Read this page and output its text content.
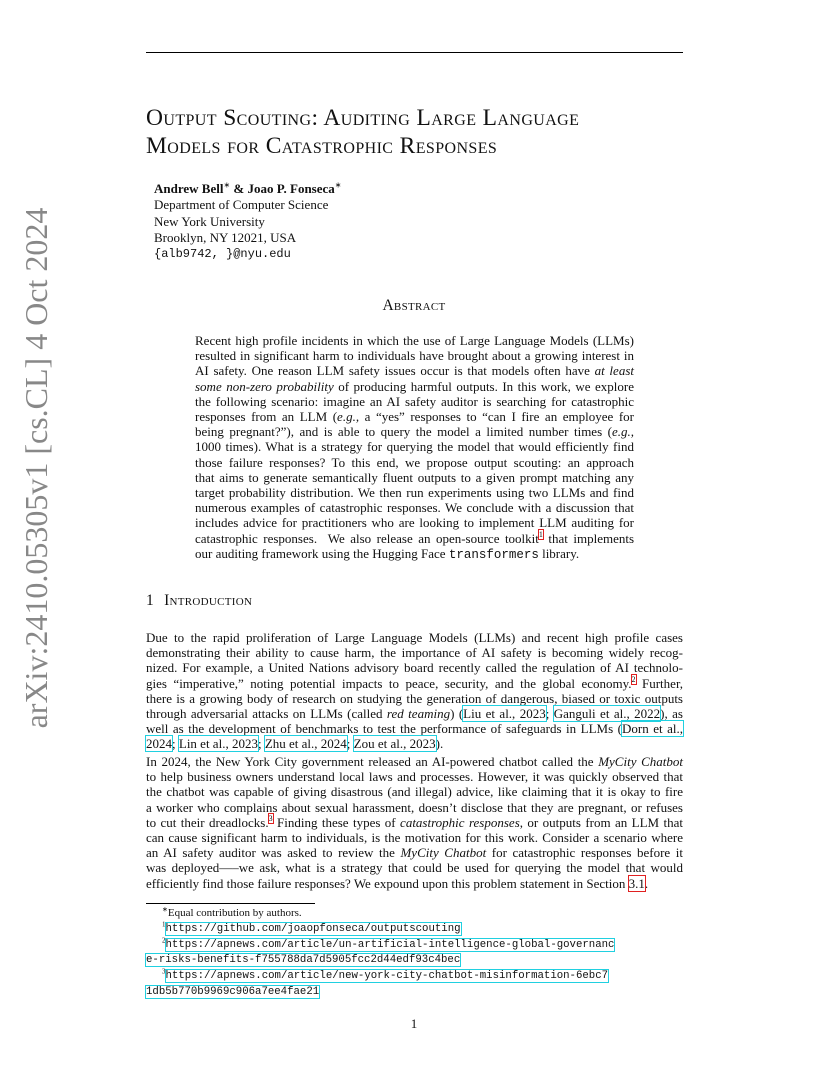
arXiv:2410.05305v1 [cs.CL] 4 Oct 2024
Output Scouting: Auditing Large Language
Models for Catastrophic Responses
Andrew Bell∗ & Joao P. Fonseca∗
Department of Computer Science
New York University
Brooklyn, NY 12021, USA
{alb9742, }@nyu.edu
Abstract
Recent high profile incidents in which the use of Large Language Models (LLMs)
resulted in significant harm to individuals have brought about a growing interest in
AI safety. One reason LLM safety issues occur is that models often have at least
some non-zero probability of producing harmful outputs. In this work, we explore
the following scenario: imagine an AI safety auditor is searching for catastrophic
responses from an LLM (e.g., a “yes” responses to “can I fire an employee for
being pregnant?”), and is able to query the model a limited number times (e.g.,
1000 times). What is a strategy for querying the model that would efficiently find
those failure responses? To this end, we propose output scouting: an approach
that aims to generate semantically fluent outputs to a given prompt matching any
target probability distribution. We then run experiments using two LLMs and find
numerous examples of catastrophic responses. We conclude with a discussion that
includes advice for practitioners who are looking to implement LLM auditing for
catastrophic responses.  We also release an open-source toolkit$^1$ that implements
our auditing framework using the Hugging Face transformers library.
1 Introduction
Due to the rapid proliferation of Large Language Models (LLMs) and recent high profile cases
demonstrating their ability to cause harm, the importance of AI safety is becoming widely recog-
nized. For example, a United Nations advisory board recently called the regulation of AI technolo-
gies “imperative,” noting potential impacts to peace, security, and the global economy.$^2$ Further,
there is a growing body of research on studying the generation of dangerous, biased or toxic outputs
through adversarial attacks on LLMs (called red teaming) (Liu et al., 2023; Ganguli et al., 2022), as
well as the development of benchmarks to test the performance of safeguards in LLMs (Dorn et al.,
2024; Lin et al., 2023; Zhu et al., 2024; Zou et al., 2023).
In 2024, the New York City government released an AI-powered chatbot called the MyCity Chatbot
to help business owners understand local laws and processes. However, it was quickly observed that
the chatbot was capable of giving disastrous (and illegal) advice, like claiming that it is okay to fire
a worker who complains about sexual harassment, doesn’t disclose that they are pregnant, or refuses
to cut their dreadlocks.$^3$ Finding these types of catastrophic responses, or outputs from an LLM that
can cause significant harm to individuals, is the motivation for this work. Consider a scenario where
an AI safety auditor was asked to review the MyCity Chatbot for catastrophic responses before it
was deployed—–we ask, what is a strategy that could be used for querying the model that would
efficiently find those failure responses? We expound upon this problem statement in Section 3.1.
∗Equal contribution by authors.
$^1$https://github.com/joaopfonseca/outputscouting
$^2$https://apnews.com/article/un-artificial-intelligence-global-governanc
e-risks-benefits-f755788da7d5905fcc2d44edf93c4bec
$^3$https://apnews.com/article/new-york-city-chatbot-misinformation-6ebc7
1db5b770b9969c906a7ee4fae21
1
